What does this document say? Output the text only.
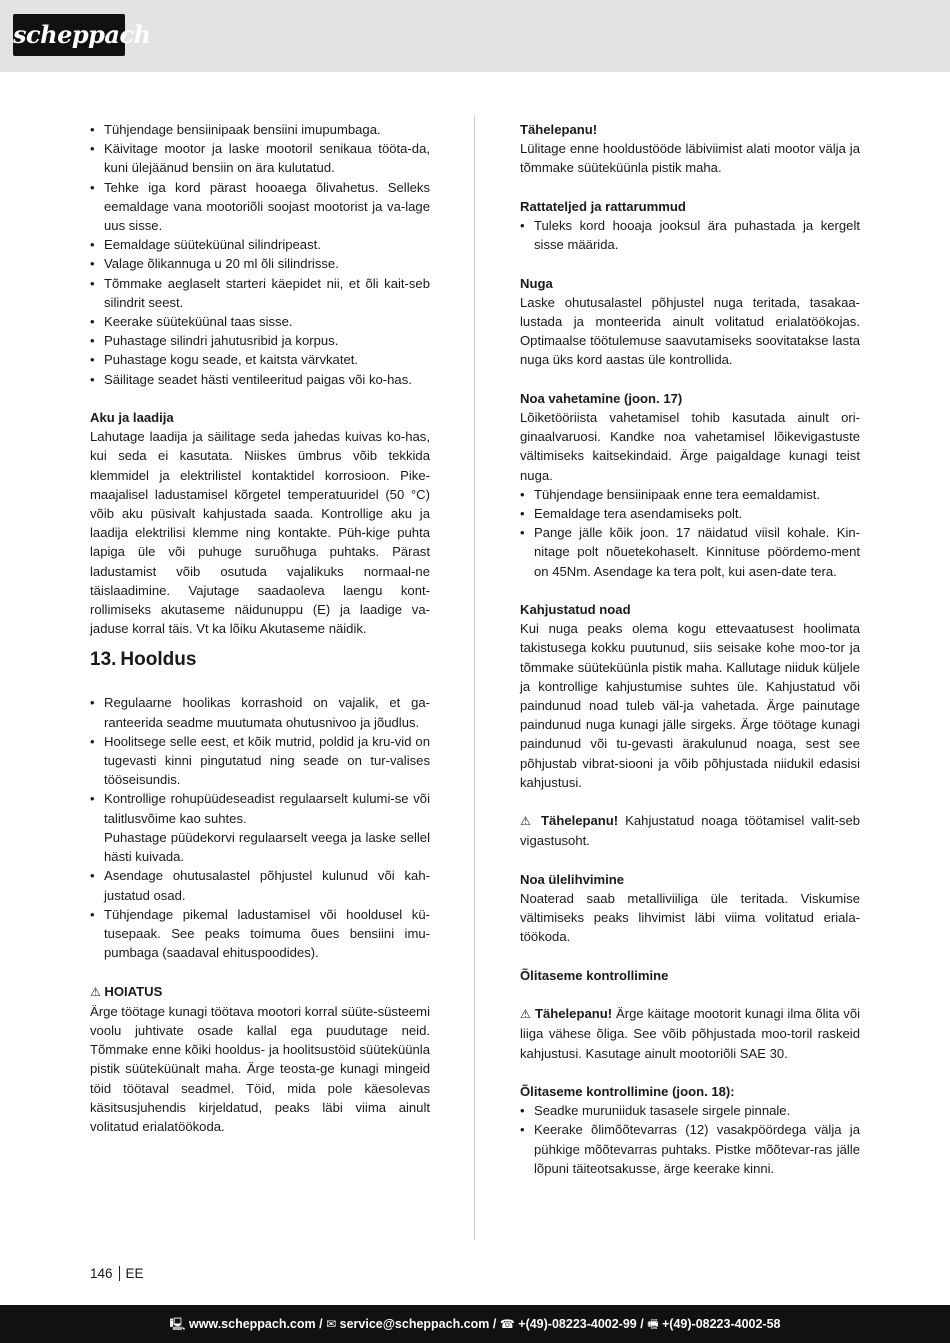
scheppach
• Tühjendage bensiinipaak bensiini imupumbaga.
• Käivitage mootor ja laske mootoril senikaua tööta-da, kuni ülejäänud bensiin on ära kulutatud.
• Tehke iga kord pärast hooaega õlivahetus. Selleks eemaldage vana mootoriõli soojast mootorist ja va-lage uus sisse.
• Eemaldage süüteküünal silindripeast.
• Valage õlikannuga u 20 ml õli silindrisse.
• Tõmmake aeglaselt starteri käepidet nii, et õli kait-seb silindrit seest.
• Keerake süüteküünal taas sisse.
• Puhastage silindri jahutusribid ja korpus.
• Puhastage kogu seade, et kaitsta värvkatet.
• Säilitage seadet hästi ventileeritud paigas või ko-has.
Aku ja laadija
Lahutage laadija ja säilitage seda jahedas kuivas ko-has, kui seda ei kasutata. Niiskes ümbrus võib tekkida klemmidel ja elektrilistel kontaktidel korrosioon. Pike-maajalisel ladustamisel kõrgetel temperatuuridel (50 °C) võib aku püsivalt kahjustada saada. Kontrollige aku ja laadija elektrilisi klemme ning kontakte. Püh-kige puhta lapiga üle või puhuge suruõhuga puhtaks. Pärast ladustamist võib osutuda vajalikuks normaal-ne täislaadimine. Vajutage saadaoleva laengu kont-rollimiseks akutaseme näidunuppu (E) ja laadige va-jaduse korral täis. Vt ka lõiku Akutaseme näidik.
13. Hooldus
• Regulaarne hoolikas korrashoid on vajalik, et ga-ranteerida seadme muutumata ohutusnivoo ja jõudlus.
• Hoolitsege selle eest, et kõik mutrid, poldid ja kru-vid on tugevasti kinni pingutatud ning seade on tur-valises tööseisundis.
• Kontrollige rohupüüdeseadist regulaarselt kulumi-se või talitlusvõime kao suhtes.
Puhastage püüdekorvi regulaarselt veega ja laske sellel hästi kuivada.
• Asendage ohutusalastel põhjustel kulunud või kah-justatud osad.
• Tühjendage pikemal ladustamisel või hooldusel kü-tusepaak. See peaks toimuma õues bensiini imu-pumbaga (saadaval ehituspoodides).
⚠ HOIATUS
Ärge töötage kunagi töötava mootori korral süüte-süsteemi voolu juhtivate osade kallal ega puudutage neid. Tõmmake enne kõiki hooldus- ja hoolitsustöid süüteküünla pistik süüteküünalt maha. Ärge teosta-ge kunagi mingeid töid töötaval seadmel. Töid, mida pole käesolevas käsitsusjuhendis kirjeldatud, peaks läbi viima ainult volitatud erialatöökoda.
Tähelepanu!
Lülitage enne hooldustööde läbiviimist alati mootor välja ja tõmmake süüteküünla pistik maha.
Rattateljed ja rattarummud
• Tuleks kord hooaja jooksul ära puhastada ja kergelt sisse määrida.
Nuga
Laske ohutusalastel põhjustel nuga teritada, tasakaa-lustada ja monteerida ainult volitatud erialatöökojas. Optimaalse töötulemuse saavutamiseks soovitatakse lasta nuga üks kord aastas üle kontrollida.
Noa vahetamine (joon. 17)
Lõiketööriista vahetamisel tohib kasutada ainult ori-ginaalvaruosi. Kandke noa vahetamisel lõikevigastuste vältimiseks kaitsekindaid. Ärge paigaldage kunagi teist nuga.
• Tühjendage bensiinipaak enne tera eemaldamist.
• Eemaldage tera asendamiseks polt.
• Pange jälle kõik joon. 17 näidatud viisil kohale. Kin-nitage polt nõuetekohaselt. Kinnituse pöördemo-ment on 45Nm. Asendage ka tera polt, kui asen-date tera.
Kahjustatud noad
Kui nuga peaks olema kogu ettevaatusest hoolimata takistusega kokku puutunud, siis seisake kohe moo-tor ja tõmmake süüteküünla pistik maha. Kallutage niiduk küljele ja kontrollige kahjustumise suhtes üle. Kahjustatud või paindunud noad tuleb väl-ja vahetada. Ärge painutage paindunud nuga kunagi jälle sirgeks. Ärge töötage kunagi paindunud või tu-gevasti ärakulunud noaga, sest see põhjustab vibrat-siooni ja võib põhjustada niidukil edasisi kahjustusi.
⚠ Tähelepanu! Kahjustatud noaga töötamisel valit-seb vigastusoht.
Noa ülelihvimine
Noaterad saab metalliviiliga üle teritada. Viskumise vältimiseks peaks lihvimist läbi viima volitatud eriala-töökoda.
Õlitaseme kontrollimine
⚠ Tähelepanu! Ärge käitage mootorit kunagi ilma õlita või liiga vähese õliga. See võib põhjustada moo-toril raskeid kahjustusi. Kasutage ainult mootoriõli SAE 30.
Õlitaseme kontrollimine (joon. 18):
• Seadke muruniiduk tasasele sirgele pinnale.
• Keerake õlimõõtevarras (12) vasakpöördega välja ja pühkige mõõtevarras puhtaks. Pistke mõõtevar-ras jälle lõpuni täiteotsakusse, ärge keerake kinni.
146 EE
🖳 www.scheppach.com / ✉ service@scheppach.com / ☎ +(49)-08223-4002-99 / 🖷 +(49)-08223-4002-58
